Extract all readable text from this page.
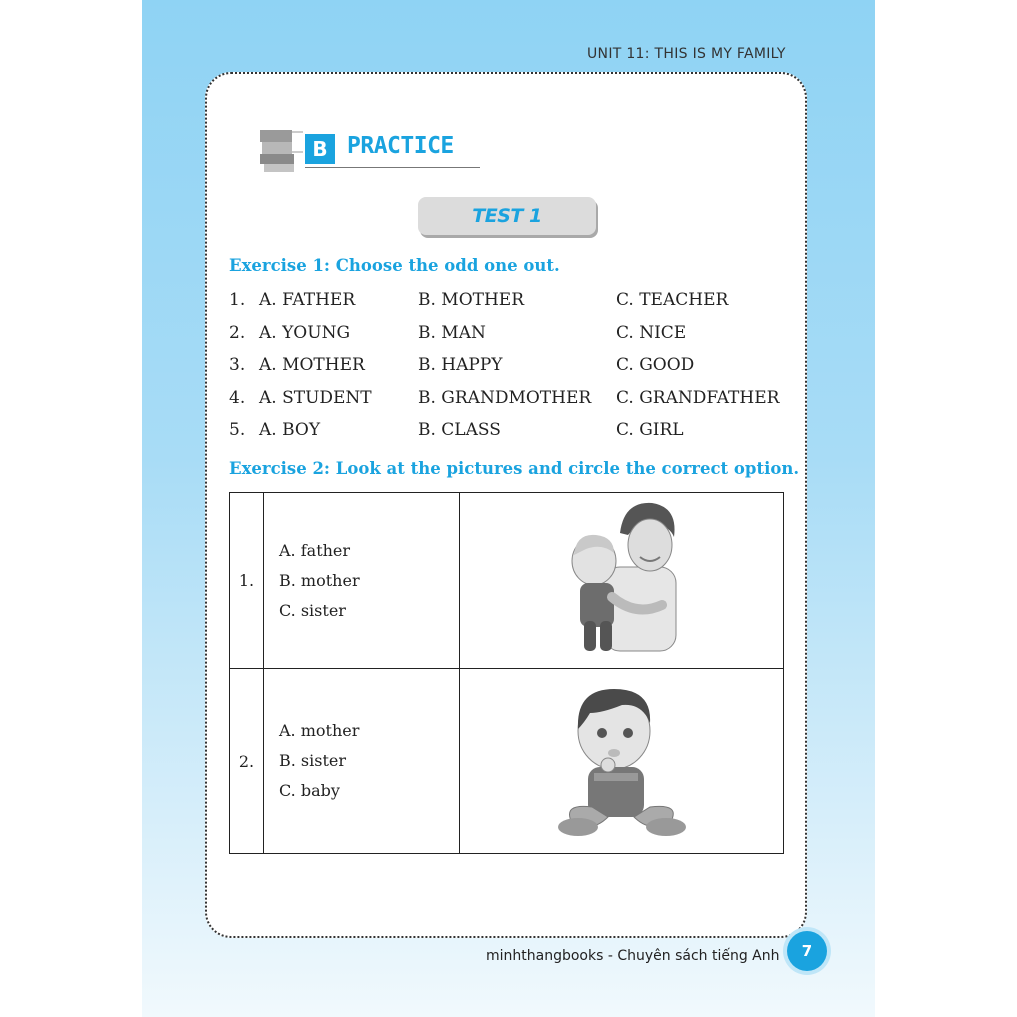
UNIT 11: THIS IS MY FAMILY
B PRACTICE
TEST 1
Exercise 1: Choose the odd one out.
1. A. FATHER	B. MOTHER	C. TEACHER
2. A. YOUNG	B. MAN	C. NICE
3. A. MOTHER	B. HAPPY	C. GOOD
4. A. STUDENT	B. GRANDMOTHER C. GRANDFATHER
5. A. BOY	B. CLASS	C. GIRL
Exercise 2: Look at the pictures and circle the correct option.
1.	A. father
B. mother
C. sister

2.	A. mother
B. sister
C. baby

minhthangbooks - Chuyên sách tiếng Anh	7
